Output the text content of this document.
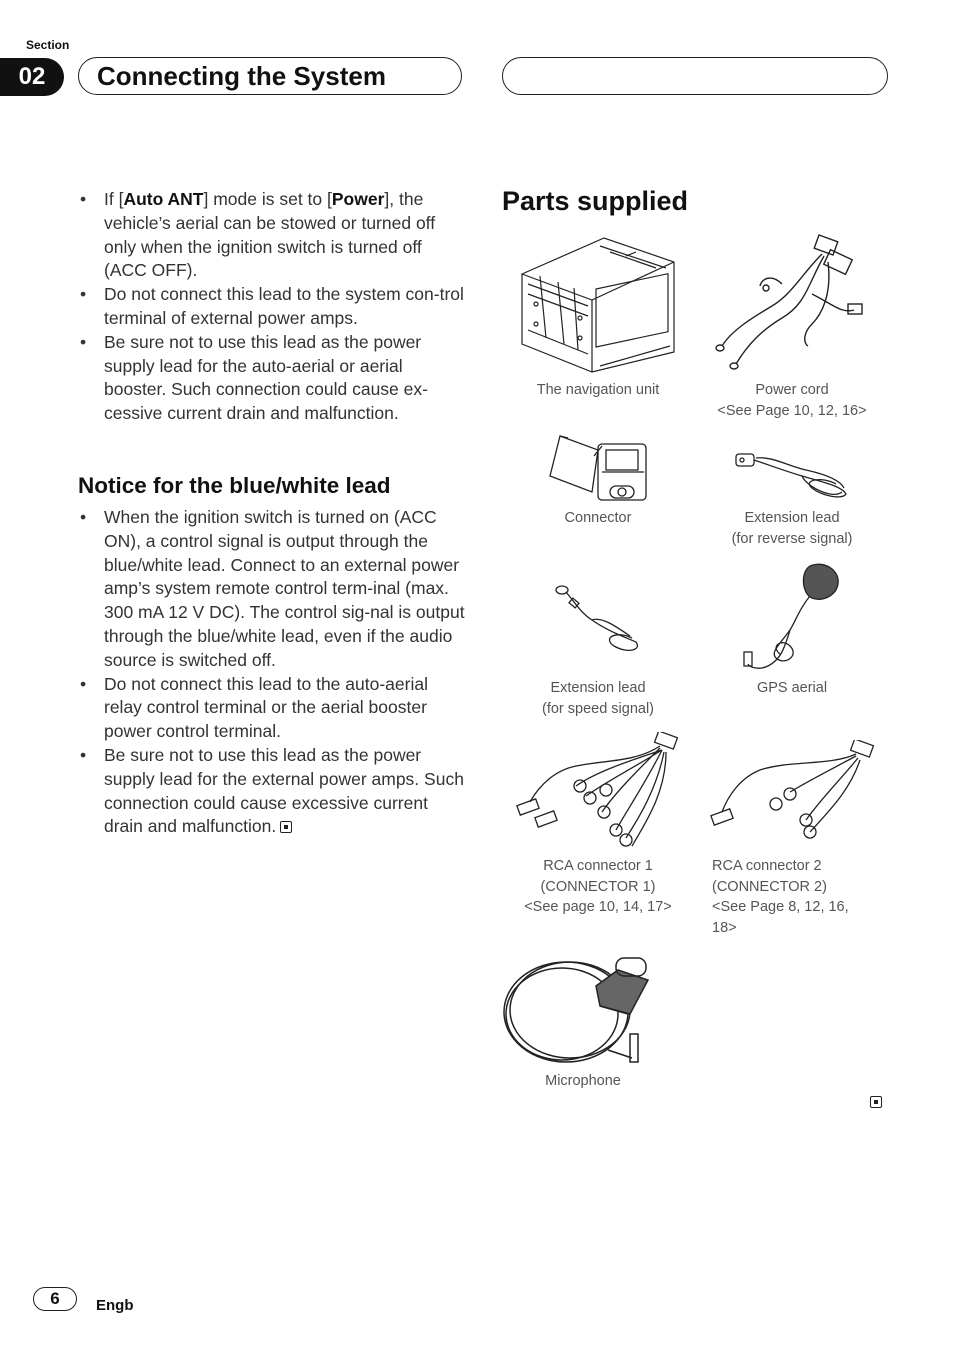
Section
02	Connecting the System
• If [Auto ANT] mode is set to [Power], the vehicle’s aerial can be stowed or turned off only when the ignition switch is turned off (ACC OFF).
• Do not connect this lead to the system con-trol terminal of external power amps.
• Be sure not to use this lead as the power supply lead for the auto-aerial or aerial booster. Such connection could cause ex-cessive current drain and malfunction.
Notice for the blue/white lead
• When the ignition switch is turned on (ACC ON), a control signal is output through the blue/white lead. Connect to an external power amp’s system remote control term-inal (max. 300 mA 12 V DC). The control sig-nal is output through the blue/white lead, even if the audio source is switched off.
• Do not connect this lead to the auto-aerial relay control terminal or the aerial booster power control terminal.
• Be sure not to use this lead as the power supply lead for the external power amps. Such connection could cause excessive current drain and malfunction.
Parts supplied
The navigation unit	Power cord
<See Page 10, 12, 16>
Connector	Extension lead
(for reverse signal)
Extension lead
(for speed signal)
GPS aerial
RCA connector 1
(CONNECTOR 1)
<See page 10, 14, 17>
RCA connector 2
(CONNECTOR 2)
<See Page 8, 12, 16,
18>
Microphone
6	Engb
